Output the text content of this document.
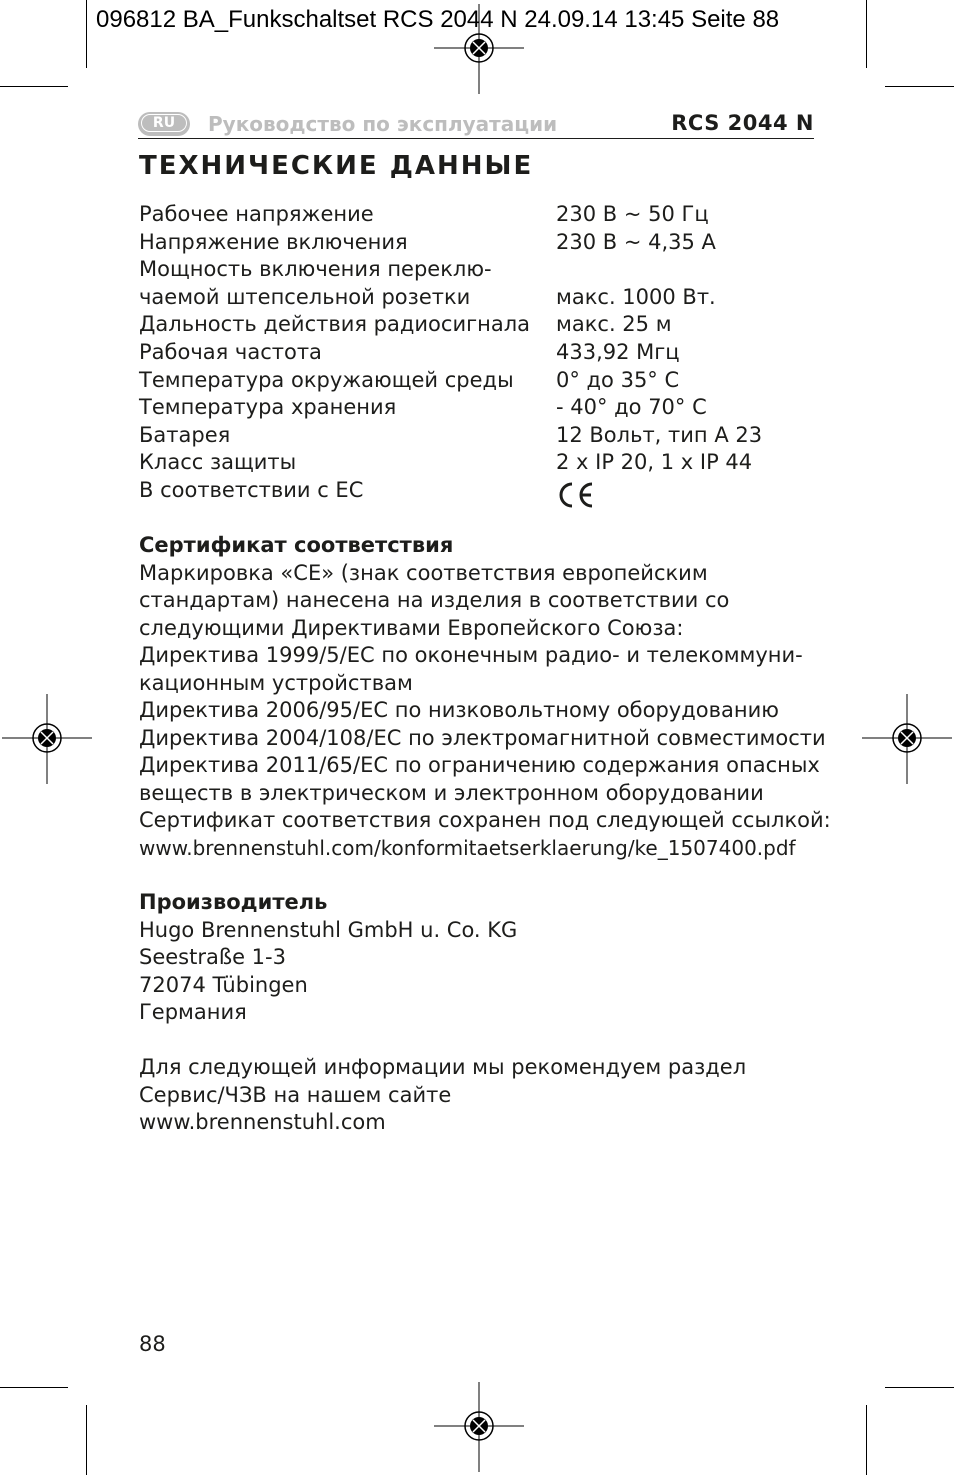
096812 BA_Funkschaltset RCS 2044 N 24.09.14 13:45 Seite 88
RU	Руководство по эксплуатации	RCS 2044 N
ТЕХНИЧЕСКИЕ ДАННЫЕ
Рабочее напряжение	230 В ~ 50 Гц
Напряжение включения	230 В ~ 4,35 А
Мощность включения переклю-
чаемой штепсельной розетки	макс. 1000 Вт.
Дальность действия радиосигнала макс. 25 м
Рабочая частота	433,92 Мгц
Температура окружающей среды 0° до 35° С
Температура хранения	- 40° до 70° С
Батарея	12 Вольт, тип А 23
Класс защиты	2 x IP 20, 1 x IP 44
В соответствии с ЕС
Сертификат соответствия
Маркировка «CE» (знак соответствия европейским
стандартам) нанесена на изделия в соответствии со
следующими Директивами Европейского Союза:
Директива 1999/5/ЕС по оконечным радио- и телекоммуни-
кационным устройствам
Директива 2006/95/ЕС по низковольтному оборудованию
Директива 2004/108/ЕС по электромагнитной совместимости
Директива 2011/65/ЕС по ограничению содержания опасных
веществ в электрическом и электронном оборудовании
Сертификат соответствия сохранен под следующей ссылкой:
www.brennenstuhl.com/konformitaetserklaerung/ke_1507400.pdf
Производитель
Hugo Brennenstuhl GmbH u. Co. KG
Seestraße 1-3
72074 Tübingen
Германия
Для следующей информации мы рекомендуем раздел
Сервис/ЧЗВ на нашем сайте
www.brennenstuhl.com
88
